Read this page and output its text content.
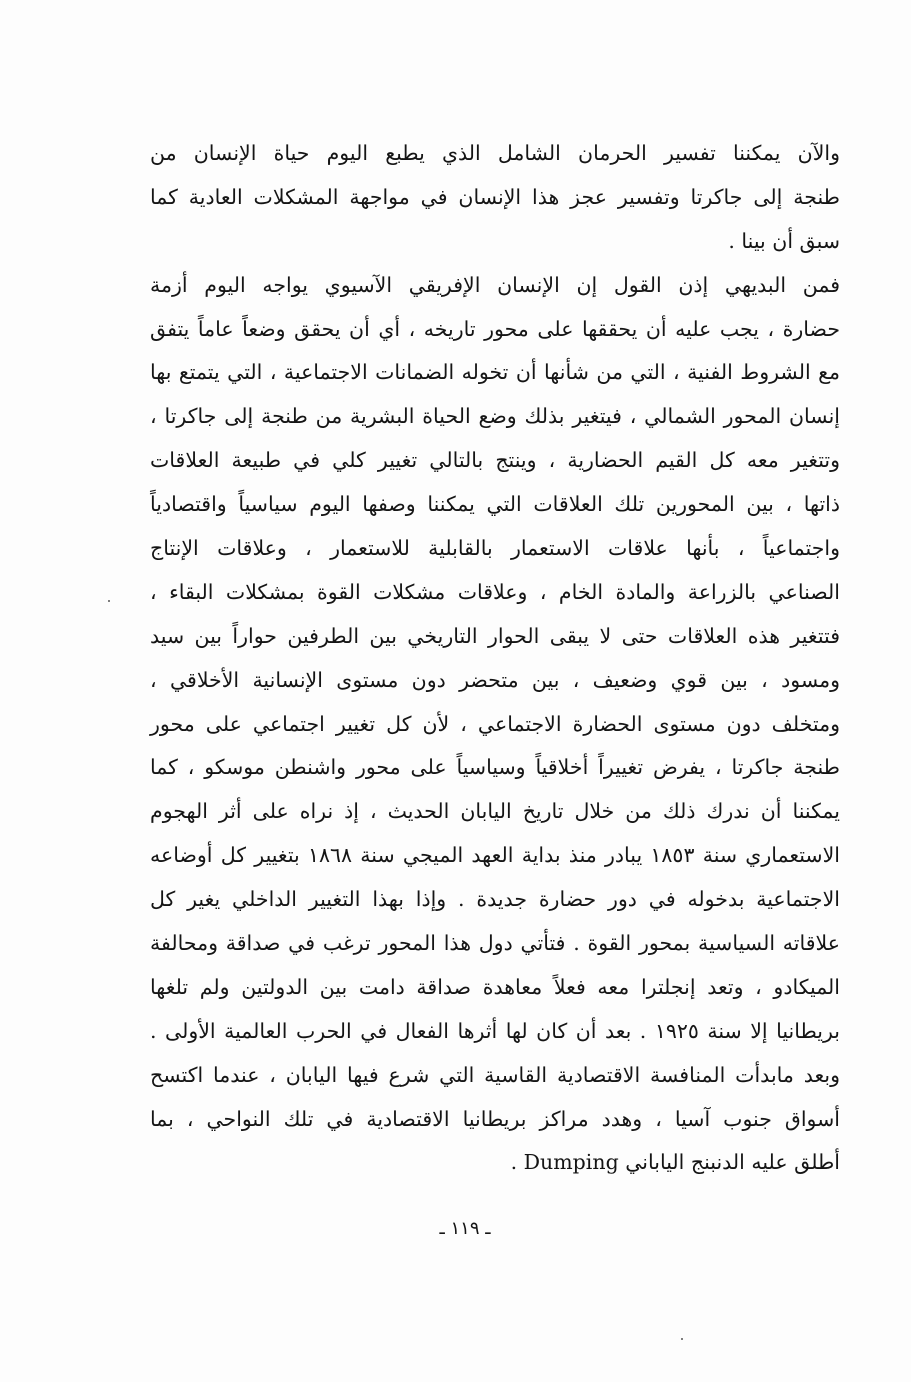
والآن يمكننا تفسير الحرمان الشامل الذي يطبع اليوم حياة الإنسان من
طنجة إلى جاكرتا وتفسير عجز هذا الإنسان في مواجهة المشكلات العادية كما
سبق أن بينا .
فمن البديهي إذن القول إن الإنسان الإفريقي الآسيوي يواجه اليوم أزمة
حضارة ، يجب عليه أن يحققها على محور تاريخه ، أي أن يحقق وضعاً عاماً يتفق
مع الشروط الفنية ، التي من شأنها أن تخوله الضمانات الاجتماعية ، التي يتمتع بها
إنسان المحور الشمالي ، فيتغير بذلك وضع الحياة البشرية من طنجة إلى جاكرتا ،
وتتغير معه كل القيم الحضارية ، وينتج بالتالي تغيير كلي في طبيعة العلاقات
ذاتها ، بين المحورين تلك العلاقات التي يمكننا وصفها اليوم سياسياً واقتصادياً
واجتماعياً ، بأنها علاقات الاستعمار بالقابلية للاستعمار ، وعلاقات الإنتاج
الصناعي بالزراعة والمادة الخام ، وعلاقات مشكلات القوة بمشكلات البقاء ،
فتتغير هذه العلاقات حتى لا يبقى الحوار التاريخي بين الطرفين حواراً بين سيد
ومسود ، بين قوي وضعيف ، بين متحضر دون مستوى الإنسانية الأخلاقي ،
ومتخلف دون مستوى الحضارة الاجتماعي ، لأن كل تغيير اجتماعي على محور
طنجة جاكرتا ، يفرض تغييراً أخلاقياً وسياسياً على محور واشنطن موسكو ، كما
يمكننا أن ندرك ذلك من خلال تاريخ اليابان الحديث ، إذ نراه على أثر الهجوم
الاستعماري سنة ١٨٥٣ يبادر منذ بداية العهد الميجي سنة ١٨٦٨ بتغيير كل أوضاعه
الاجتماعية بدخوله في دور حضارة جديدة . وإذا بهذا التغيير الداخلي يغير كل
علاقاته السياسية بمحور القوة . فتأتي دول هذا المحور ترغب في صداقة ومحالفة
الميكادو ، وتعد إنجلترا معه فعلاً معاهدة صداقة دامت بين الدولتين ولم تلغها
بريطانيا إلا سنة ١٩٢٥ . بعد أن كان لها أثرها الفعال في الحرب العالمية الأولى .
وبعد مابدأت المنافسة الاقتصادية القاسية التي شرع فيها اليابان ، عندما اكتسح
أسواق جنوب آسيا ، وهدد مراكز بريطانيا الاقتصادية في تلك النواحي ، بما
أطلق عليه الدنبنج الياباني Dumping .
ـ ١١٩ ـ
